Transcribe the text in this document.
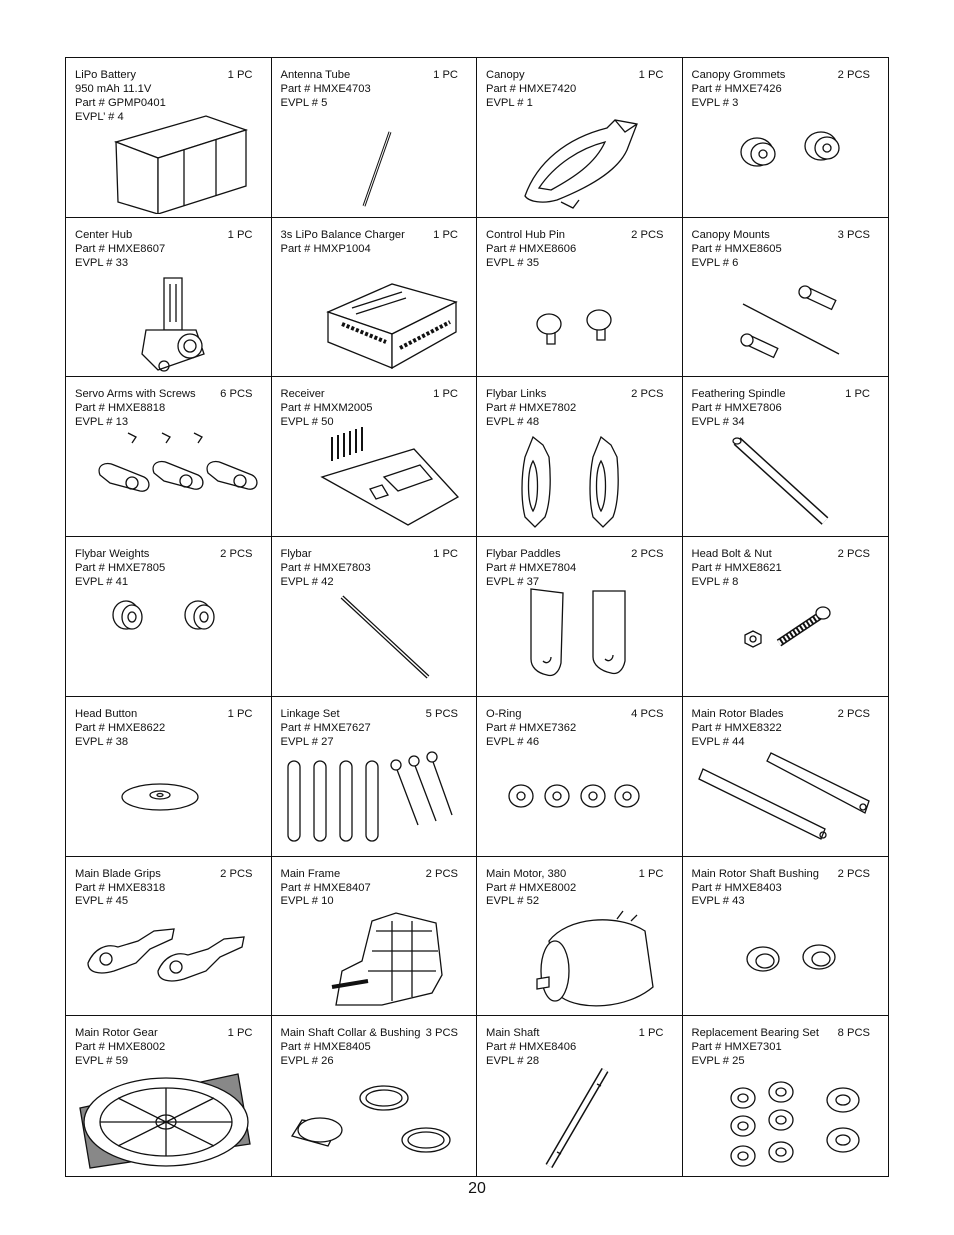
LiPo Battery	1 PC
950 mAh 11.1V
Part # GPMP0401
EVPL’ # 4
Antenna Tube	1 PC
Part # HMXE4703
EVPL # 5
Canopy	1 PC
Part # HMXE7420
EVPL # 1
Canopy Grommets	2 PCS
Part # HMXE7426
EVPL # 3
Center Hub	1 PC
Part # HMXE8607
EVPL # 33
3s LiPo Balance Charger	1 PC
Part # HMXP1004
Control Hub Pin	2 PCS
Part # HMXE8606
EVPL # 35
Canopy Mounts	3 PCS
Part # HMXE8605
EVPL # 6
Servo Arms with Screws 6 PCS
Part # HMXE8818
EVPL # 13
Receiver	1 PC
Part # HMXM2005
EVPL # 50
Flybar Links	2 PCS
Part # HMXE7802
EVPL # 48
Feathering Spindle	1 PC
Part # HMXE7806
EVPL # 34
Flybar Weights	2 PCS
Part # HMXE7805
EVPL # 41
Flybar	1 PC
Part # HMXE7803
EVPL # 42
Flybar Paddles	2 PCS
Part # HMXE7804
EVPL # 37
Head Bolt & Nut	2 PCS
Part # HMXE8621
EVPL # 8
Head Button	1 PC
Part # HMXE8622
EVPL # 38
Linkage Set	5 PCS
Part # HMXE7627
EVPL # 27
O-Ring	4 PCS
Part # HMXE7362
EVPL # 46
Main Rotor Blades	2 PCS
Part # HMXE8322
EVPL # 44
Main Blade Grips	2 PCS
Part # HMXE8318
EVPL # 45
Main Frame	2 PCS
Part # HMXE8407
EVPL # 10
Main Motor, 380	1 PC
Part # HMXE8002
EVPL # 52
Main Rotor Shaft Bushing 2 PCS
Part # HMXE8403
EVPL # 43
Main Rotor Gear	1 PC
Part # HMXE8002
EVPL # 59
Main Shaft Collar & Bushing 3 PCS
Part # HMXE8405
EVPL # 26
Main Shaft	1 PC
Part # HMXE8406
EVPL # 28
Replacement Bearing Set 8 PCS
Part # HMXE7301
EVPL # 25
20
